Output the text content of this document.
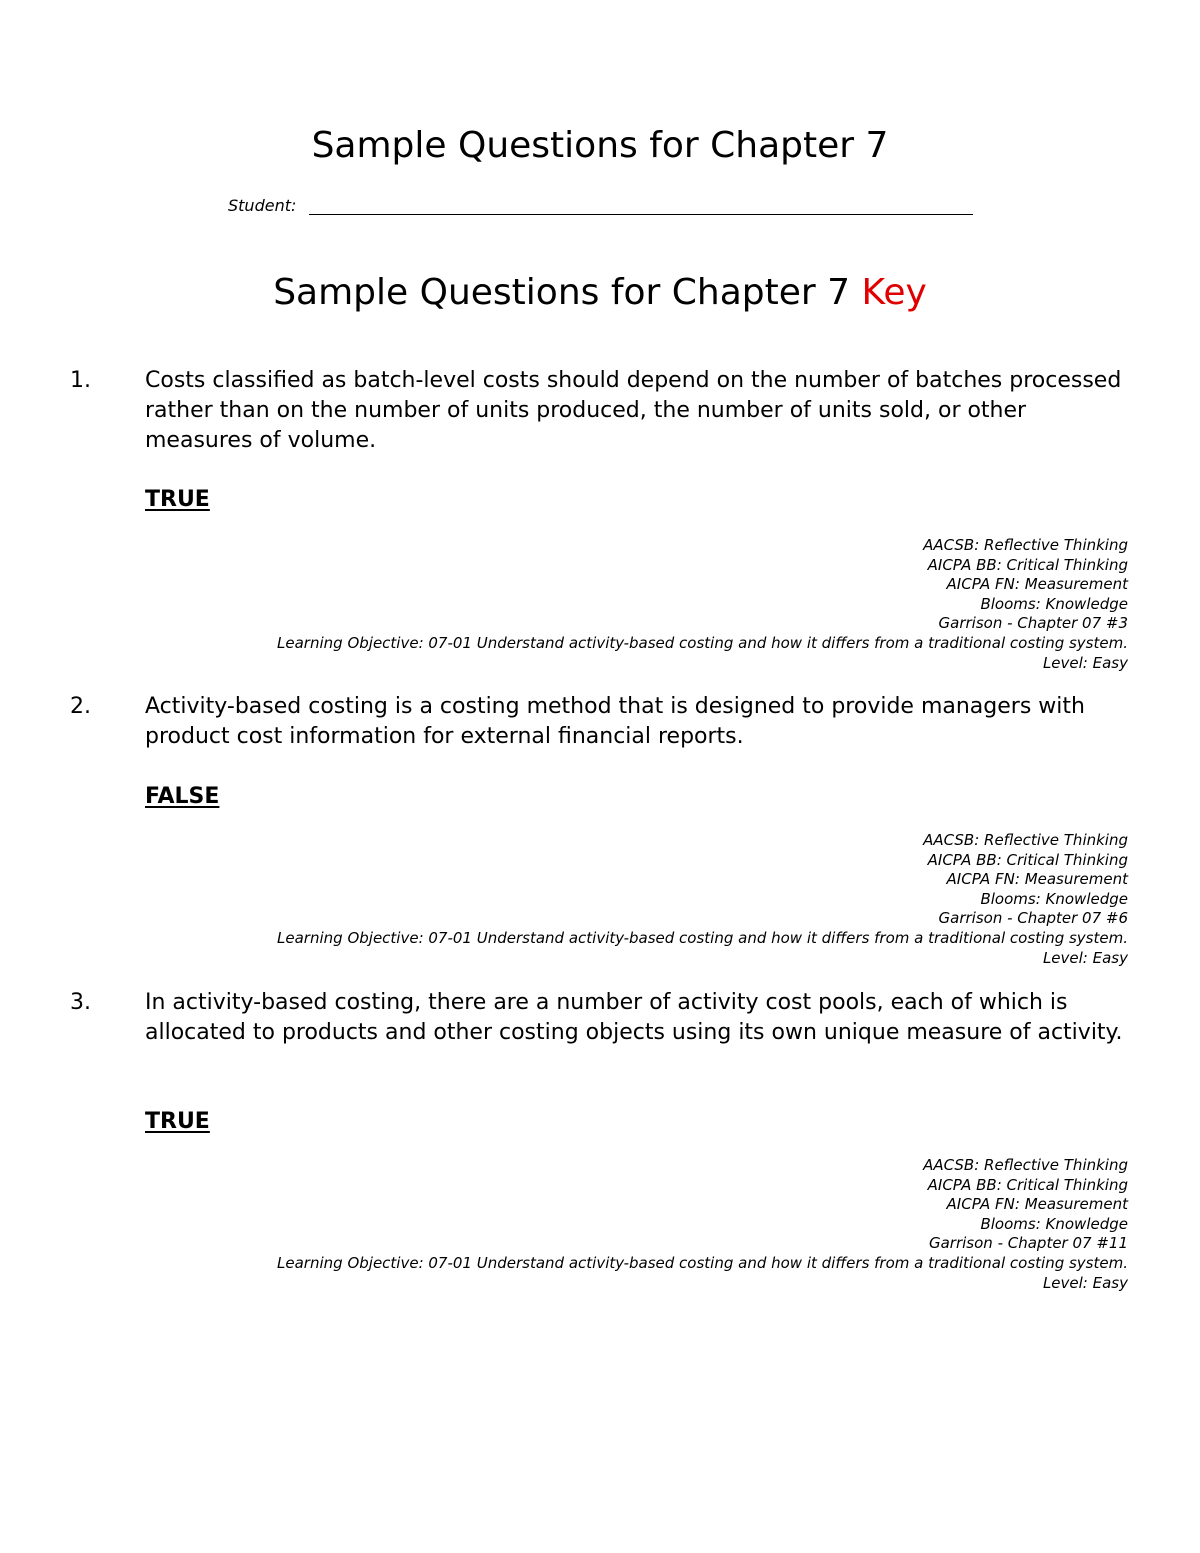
Sample Questions for Chapter 7
Student:
Sample Questions for Chapter 7 Key
1. Costs classified as batch-level costs should depend on the number of batches processed rather than on the number of units produced, the number of units sold, or other measures of volume.

TRUE
AACSB: Reflective Thinking
AICPA BB: Critical Thinking
AICPA FN: Measurement
Blooms: Knowledge
Garrison - Chapter 07 #3
Learning Objective: 07-01 Understand activity-based costing and how it differs from a traditional costing system.
Level: Easy
2. Activity-based costing is a costing method that is designed to provide managers with product cost information for external financial reports.

FALSE
AACSB: Reflective Thinking
AICPA BB: Critical Thinking
AICPA FN: Measurement
Blooms: Knowledge
Garrison - Chapter 07 #6
Learning Objective: 07-01 Understand activity-based costing and how it differs from a traditional costing system.
Level: Easy
3. In activity-based costing, there are a number of activity cost pools, each of which is allocated to products and other costing objects using its own unique measure of activity.

TRUE
AACSB: Reflective Thinking
AICPA BB: Critical Thinking
AICPA FN: Measurement
Blooms: Knowledge
Garrison - Chapter 07 #11
Learning Objective: 07-01 Understand activity-based costing and how it differs from a traditional costing system.
Level: Easy
